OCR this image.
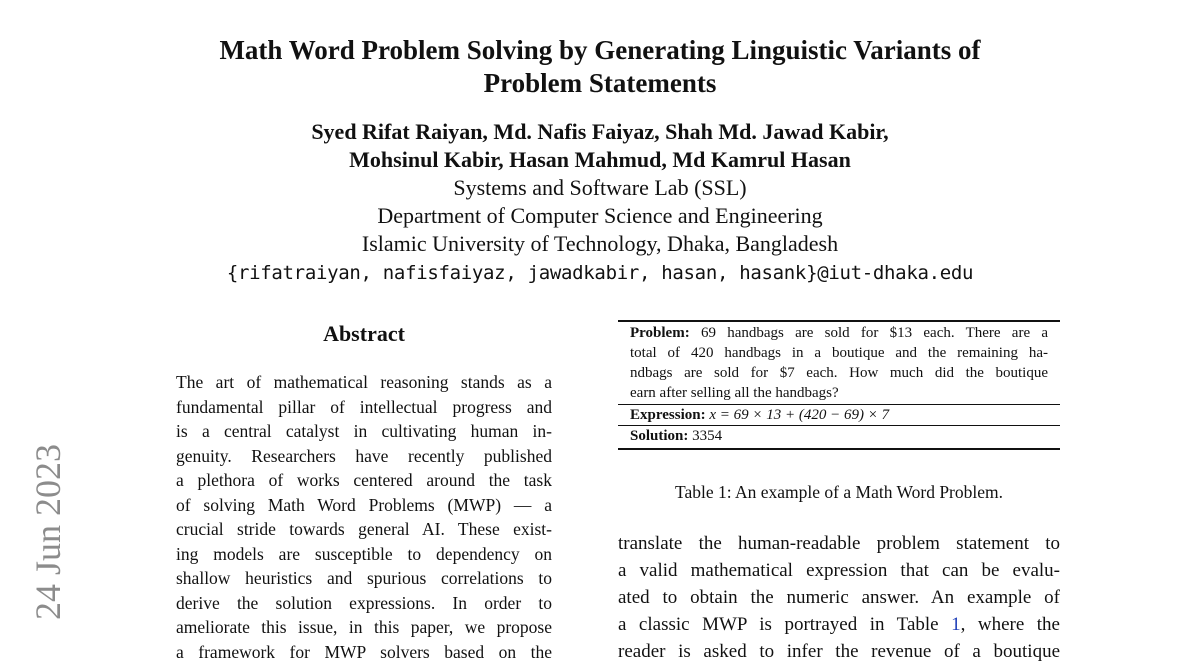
24 Jun 2023
Math Word Problem Solving by Generating Linguistic Variants of
Problem Statements
Syed Rifat Raiyan, Md. Nafis Faiyaz, Shah Md. Jawad Kabir,
Mohsinul Kabir, Hasan Mahmud, Md Kamrul Hasan
Systems and Software Lab (SSL)
Department of Computer Science and Engineering
Islamic University of Technology, Dhaka, Bangladesh
{rifatraiyan, nafisfaiyaz, jawadkabir, hasan, hasank}@iut-dhaka.edu
Abstract
The art of mathematical reasoning stands as a
fundamental pillar of intellectual progress and
is a central catalyst in cultivating human in-
genuity. Researchers have recently published
a plethora of works centered around the task
of solving Math Word Problems (MWP) — a
crucial stride towards general AI. These exist-
ing models are susceptible to dependency on
shallow heuristics and spurious correlations to
derive the solution expressions. In order to
ameliorate this issue, in this paper, we propose
a framework for MWP solvers based on the
Problem: 69 handbags are sold for $13 each. There are a
total of 420 handbags in a boutique and the remaining ha-
ndbags are sold for $7 each. How much did the boutique
earn after selling all the handbags?
Expression: x = 69 × 13 + (420 − 69) × 7
Solution: 3354
Table 1: An example of a Math Word Problem.
translate the human-readable problem statement to
a valid mathematical expression that can be evalu-
ated to obtain the numeric answer. An example of
a classic MWP is portrayed in Table 1, where the
reader is asked to infer the revenue of a boutique
